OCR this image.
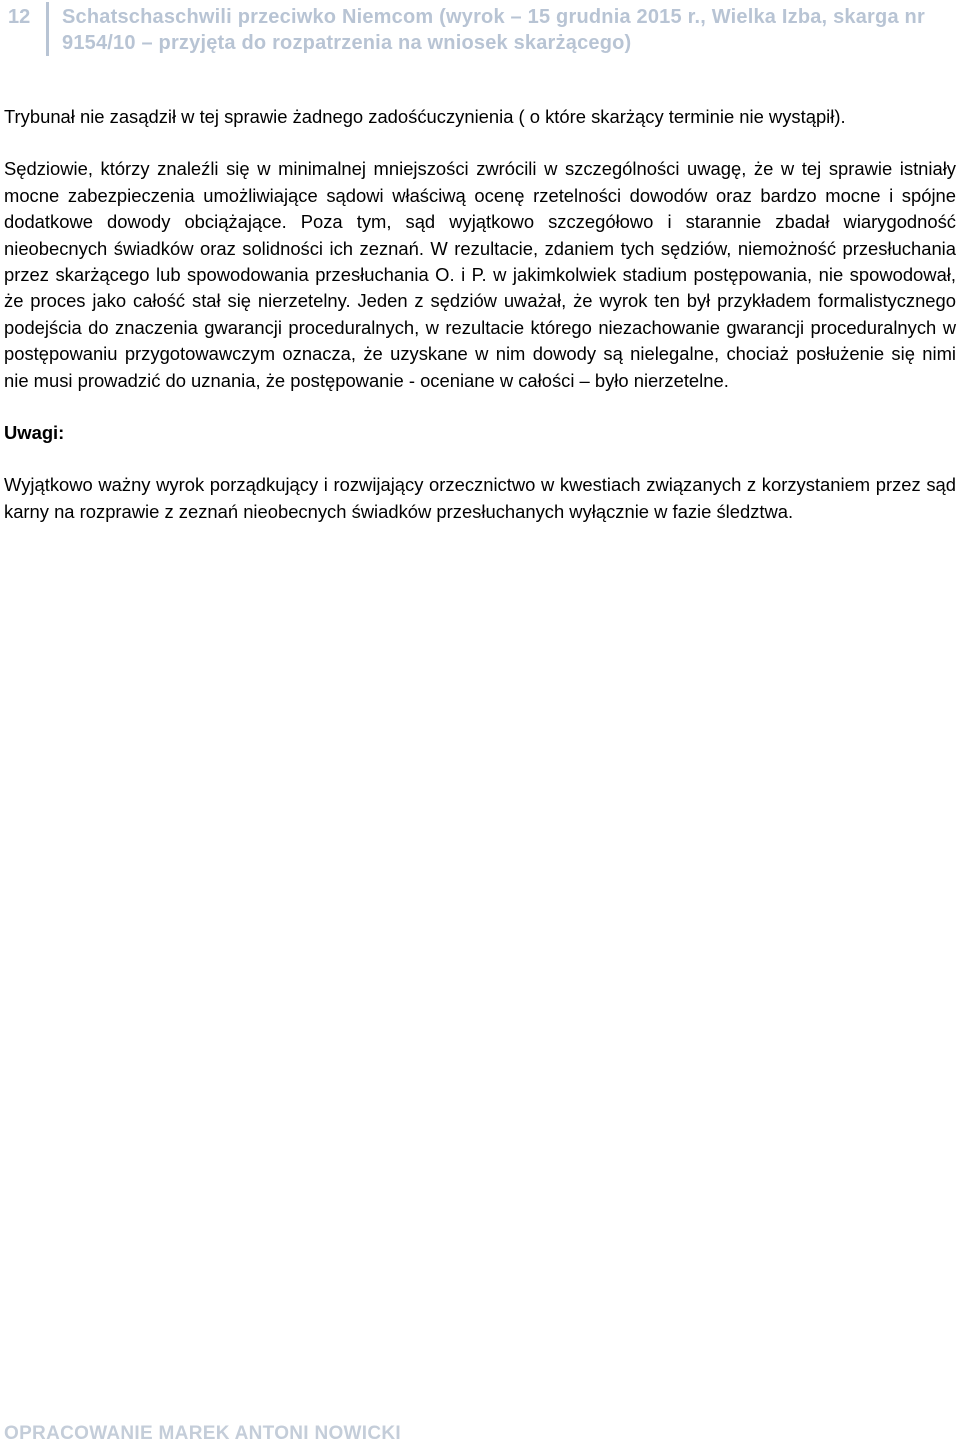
12 Schatschaschwili przeciwko Niemcom (wyrok – 15 grudnia 2015 r., Wielka Izba, skarga nr 9154/10 – przyjęta do rozpatrzenia na wniosek skarżącego)

Trybunał nie zasądził w tej sprawie żadnego zadośćuczynienia ( o które skarżący terminie nie wystąpił).

Sędziowie, którzy znaleźli się w minimalnej mniejszości zwrócili w szczególności uwagę, że w tej sprawie istniały mocne zabezpieczenia umożliwiające sądowi właściwą ocenę rzetelności dowodów oraz bardzo mocne i spójne dodatkowe dowody obciążające. Poza tym, sąd wyjątkowo szczegółowo i starannie zbadał wiarygodność nieobecnych świadków oraz solidności ich zeznań. W rezultacie, zdaniem tych sędziów, niemożność przesłuchania przez skarżącego lub spowodowania przesłuchania O. i P. w jakimkolwiek stadium postępowania, nie spowodował, że proces jako całość stał się nierzetelny. Jeden z sędziów uważał, że wyrok ten był przykładem formalistycznego podejścia do znaczenia gwarancji proceduralnych, w rezultacie którego niezachowanie gwarancji proceduralnych w postępowaniu przygotowawczym oznacza, że uzyskane w nim dowody są nielegalne, chociaż posłużenie się nimi nie musi prowadzić do uznania, że postępowanie - oceniane w całości – było nierzetelne.

Uwagi:

Wyjątkowo ważny wyrok porządkujący i rozwijający orzecznictwo w kwestiach związanych z korzystaniem przez sąd karny na rozprawie z zeznań nieobecnych świadków przesłuchanych wyłącznie w fazie śledztwa.

OPRACOWANIE MAREK ANTONI NOWICKI
